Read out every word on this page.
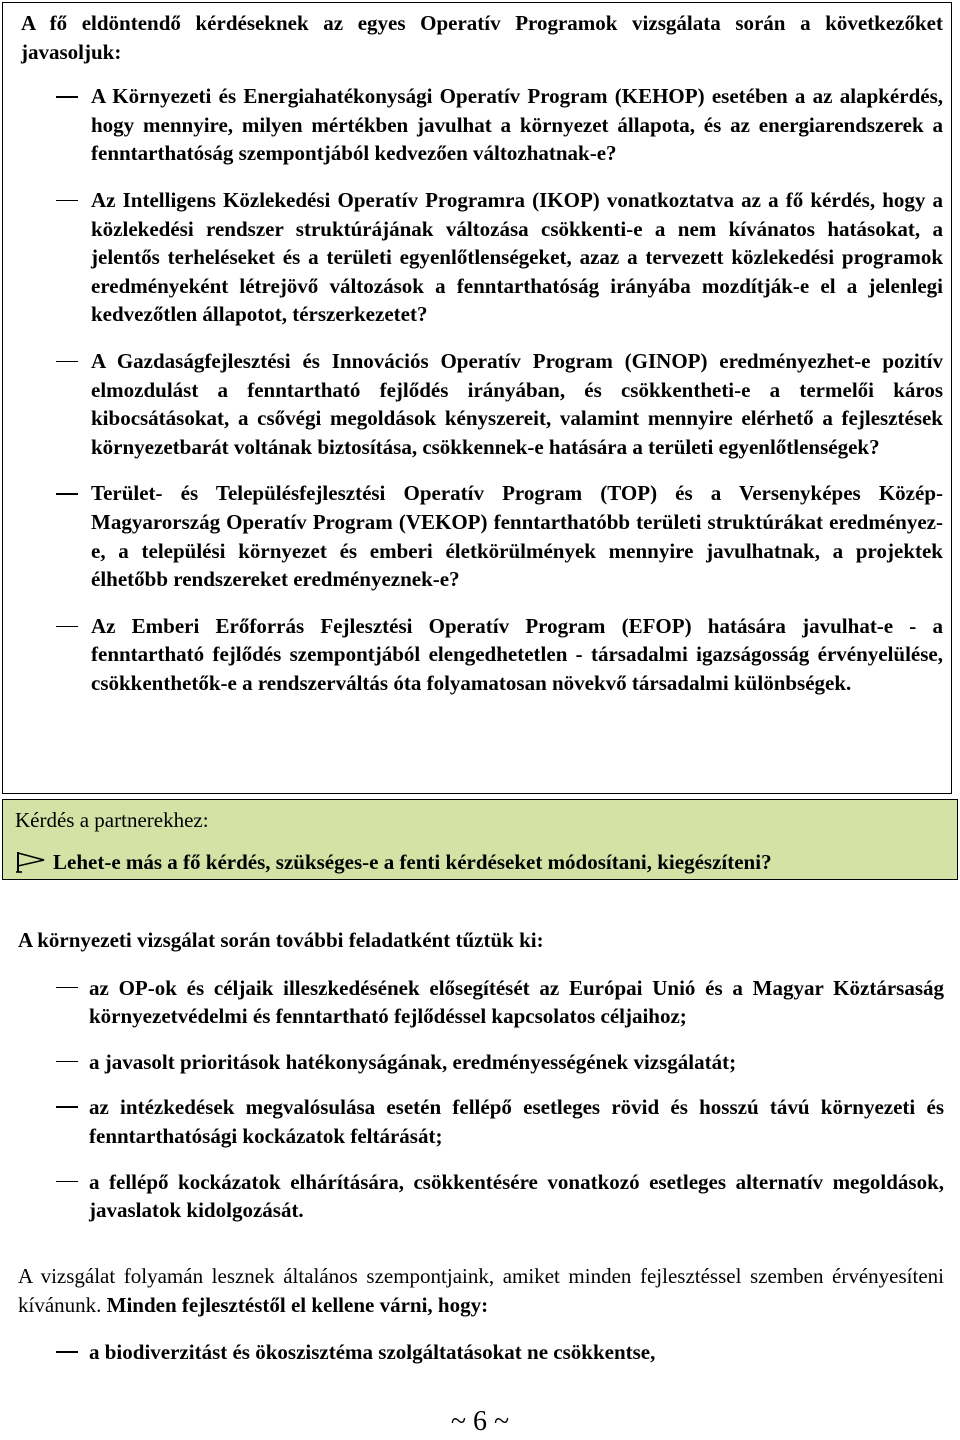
A fő eldöntendő kérdéseknek az egyes Operatív Programok vizsgálata során a következőket javasoljuk:

A Környezeti és Energiahatékonysági Operatív Program (KEHOP) esetében a az alapkérdés, hogy mennyire, milyen mértékben javulhat a környezet állapota, és az energiarendszerek a fenntarthatóság szempontjából kedvezően változhatnak-e?
Az Intelligens Közlekedési Operatív Programra (IKOP) vonatkoztatva az a fő kérdés, hogy a közlekedési rendszer struktúrájának változása csökkenti-e a nem kívánatos hatásokat, a jelentős terheléseket és a területi egyenlőtlenségeket, azaz a tervezett közlekedési programok eredményeként létrejövő változások a fenntarthatóság irányába mozdítják-e el a jelenlegi kedvezőtlen állapotot, térszerkezetet?
A Gazdaságfejlesztési és Innovációs Operatív Program (GINOP) eredményezhet-e pozitív elmozdulást a fenntartható fejlődés irányában, és csökkentheti-e a termelői káros kibocsátásokat, a csővégi megoldások kényszereit, valamint mennyire elérhető a fejlesztések környezetbarát voltának biztosítása, csökkennek-e hatására a területi egyenlőtlenségek?
Terület- és Településfejlesztési Operatív Program (TOP) és a Versenyképes Közép-Magyarország Operatív Program (VEKOP) fenntarthatóbb területi struktúrákat eredményez-e, a települési környezet és emberi életkörülmények mennyire javulhatnak, a projektek élhetőbb rendszereket eredményeznek-e?
Az Emberi Erőforrás Fejlesztési Operatív Program (EFOP) hatására javulhat-e - a fenntartható fejlődés szempontjából elengedhetetlen - társadalmi igazságosság érvényelülése, csökkenthetők-e a rendszerváltás óta folyamatosan növekvő társadalmi különbségek.
Kérdés a partnerekhez:
Lehet-e más a fő kérdés, szükséges-e a fenti kérdéseket módosítani, kiegészíteni?

A környezeti vizsgálat során további feladatként tűztük ki:

az OP-ok és céljaik illeszkedésének elősegítését az Európai Unió és a Magyar Köztársaság környezetvédelmi és fenntartható fejlődéssel kapcsolatos céljaihoz;
a javasolt prioritások hatékonyságának, eredményességének vizsgálatát;
az intézkedések megvalósulása esetén fellépő esetleges rövid és hosszú távú környezeti és fenntarthatósági kockázatok feltárását;
a fellépő kockázatok elhárítására, csökkentésére vonatkozó esetleges alternatív megoldások, javaslatok kidolgozását.

A vizsgálat folyamán lesznek általános szempontjaink, amiket minden fejlesztéssel szemben érvényesíteni kívánunk. Minden fejlesztéstől el kellene várni, hogy:

a biodiverzitást és ökoszisztéma szolgáltatásokat ne csökkentse,
~ 6 ~
